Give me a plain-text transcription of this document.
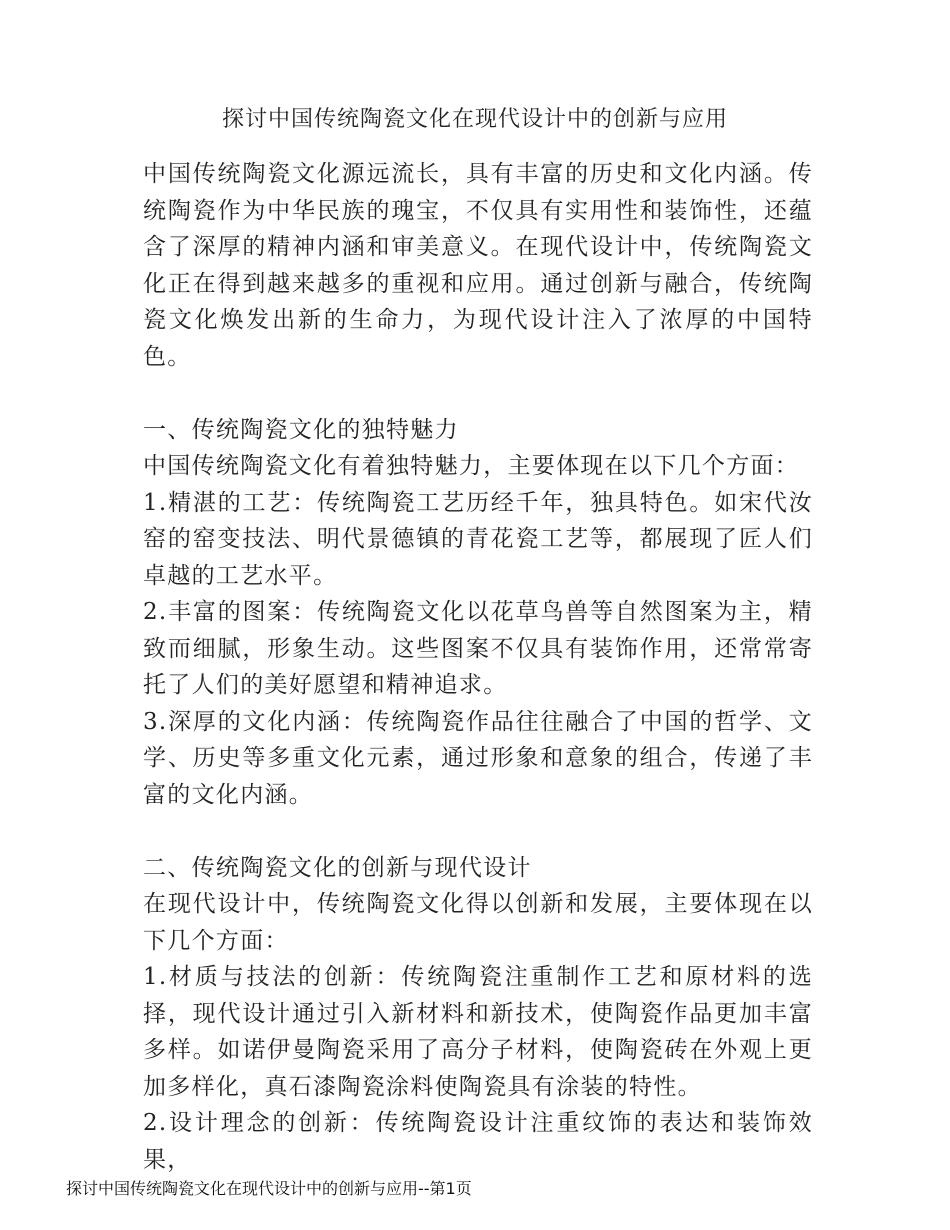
探讨中国传统陶瓷文化在现代设计中的创新与应用

中国传统陶瓷文化源远流长，具有丰富的历史和文化内涵。传统陶瓷作为中华民族的瑰宝，不仅具有实用性和装饰性，还蕴含了深厚的精神内涵和审美意义。在现代设计中，传统陶瓷文化正在得到越来越多的重视和应用。通过创新与融合，传统陶瓷文化焕发出新的生命力，为现代设计注入了浓厚的中国特色。

一、传统陶瓷文化的独特魅力

中国传统陶瓷文化有着独特魅力，主要体现在以下几个方面：

1.精湛的工艺：传统陶瓷工艺历经千年，独具特色。如宋代汝窑的窑变技法、明代景德镇的青花瓷工艺等，都展现了匠人们卓越的工艺水平。

2.丰富的图案：传统陶瓷文化以花草鸟兽等自然图案为主，精致而细腻，形象生动。这些图案不仅具有装饰作用，还常常寄托了人们的美好愿望和精神追求。

3.深厚的文化内涵：传统陶瓷作品往往融合了中国的哲学、文学、历史等多重文化元素，通过形象和意象的组合，传递了丰富的文化内涵。

二、传统陶瓷文化的创新与现代设计

在现代设计中，传统陶瓷文化得以创新和发展，主要体现在以下几个方面：

1.材质与技法的创新：传统陶瓷注重制作工艺和原材料的选择，现代设计通过引入新材料和新技术，使陶瓷作品更加丰富多样。如诺伊曼陶瓷采用了高分子材料，使陶瓷砖在外观上更加多样化，真石漆陶瓷涂料使陶瓷具有涂装的特性。

2.设计理念的创新：传统陶瓷设计注重纹饰的表达和装饰效果，

探讨中国传统陶瓷文化在现代设计中的创新与应用--第1页
